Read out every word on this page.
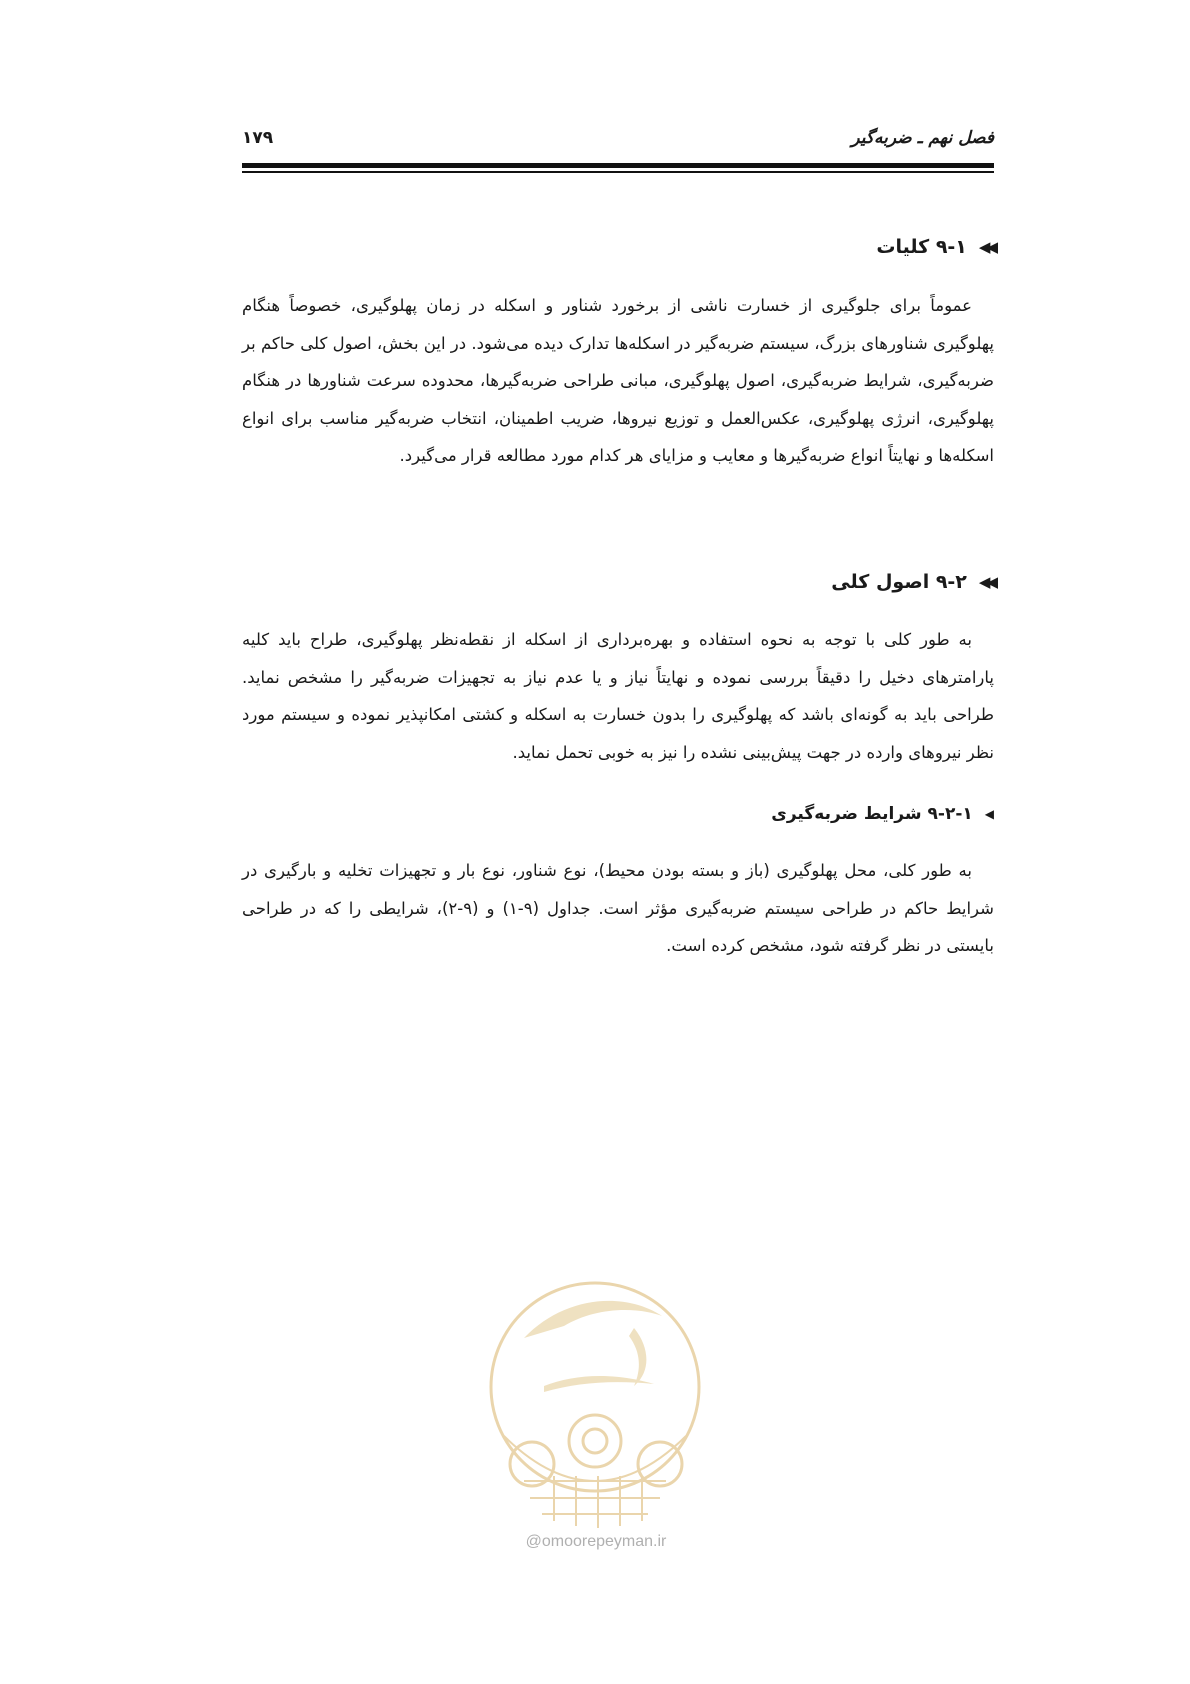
فصل نهم ـ ضربه‌گیر
۱۷۹
◀◀
۹-۱ کلیات
عموماً برای جلوگیری از خسارت ناشی از برخورد شناور و اسکله در زمان پهلوگیری، خصوصاً هنگام پهلوگیری شناورهای بزرگ، سیستم ضربه‌گیر در اسکله‌ها تدارک دیده می‌شود. در این بخش، اصول کلی حاکم بر ضربه‌گیری، شرایط ضربه‌گیری، اصول پهلوگیری، مبانی طراحی ضربه‌گیرها، محدوده سرعت شناورها در هنگام پهلوگیری، انرژی پهلوگیری، عکس‌العمل و توزیع نیروها، ضریب اطمینان، انتخاب ضربه‌گیر مناسب برای انواع اسکله‌ها و نهایتاً انواع ضربه‌گیرها و معایب و مزایای هر کدام مورد مطالعه قرار می‌گیرد.
◀◀
۹-۲ اصول کلی
به طور کلی با توجه به نحوه استفاده و بهره‌برداری از اسکله از نقطه‌نظر پهلوگیری، طراح باید کلیه پارامترهای دخیل را دقیقاً بررسی نموده و نهایتاً نیاز و یا عدم نیاز به تجهیزات ضربه‌گیر را مشخص نماید. طراحی باید به گونه‌ای باشد که پهلوگیری را بدون خسارت به اسکله و کشتی امکانپذیر نموده و سیستم مورد نظر نیروهای وارده در جهت پیش‌بینی نشده را نیز به خوبی تحمل نماید.
◀
۹-۲-۱ شرایط ضربه‌گیری
به طور کلی، محل پهلوگیری (باز و بسته بودن محیط)، نوع شناور، نوع بار و تجهیزات تخلیه و بارگیری در شرایط حاکم در طراحی سیستم ضربه‌گیری مؤثر است. جداول (۹-۱) و (۹-۲)، شرایطی را که در طراحی بایستی در نظر گرفته شود، مشخص کرده است.
@omoorepeyman.ir
